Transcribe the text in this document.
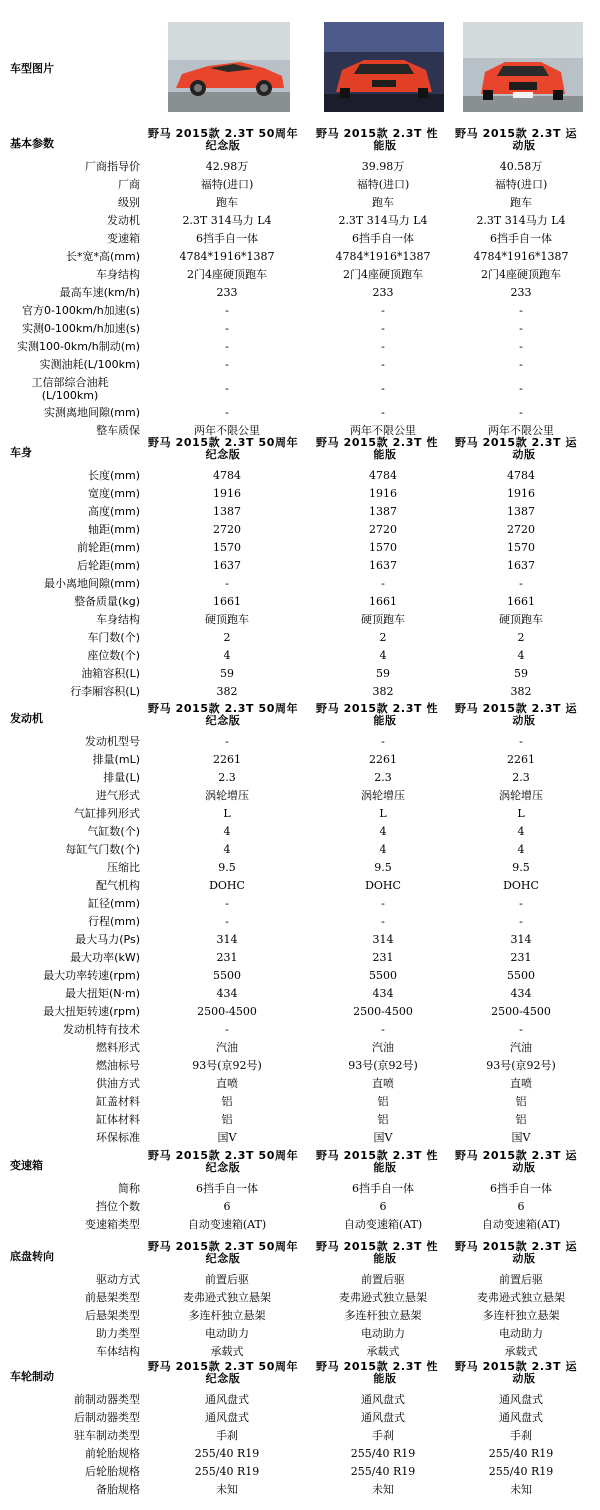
车型图片
基本参数
野马 2015款 2.3T 50周年
纪念版
野马 2015款 2.3T 性
能版
野马 2015款 2.3T 运
动版
厂商指导价	42.98万	39.98万	40.58万
厂商	福特(进口)	福特(进口)	福特(进口)
级别	跑车	跑车	跑车
发动机	2.3T 314马力 L4	2.3T 314马力 L4	2.3T 314马力 L4
变速箱	6挡手自一体	6挡手自一体	6挡手自一体
长*宽*高(mm)	4784*1916*1387	4784*1916*1387	4784*1916*1387
车身结构	2门4座硬顶跑车	2门4座硬顶跑车	2门4座硬顶跑车
最高车速(km/h)	233	233	233
官方0-100km/h加速(s)	-	-	-
实测0-100km/h加速(s)	-	-	-
实测100-0km/h制动(m)	-	-	-
实测油耗(L/100km)	-	-	-
工信部综合油耗
(L/100km)
-	-	-
实测离地间隙(mm)	-	-	-
整车质保	两年不限公里	两年不限公里	两年不限公里
车身
野马 2015款 2.3T 50周年
纪念版
野马 2015款 2.3T 性
能版
野马 2015款 2.3T 运
动版
长度(mm)	4784	4784	4784
宽度(mm)	1916	1916	1916
高度(mm)	1387	1387	1387
轴距(mm)	2720	2720	2720
前轮距(mm)	1570	1570	1570
后轮距(mm)	1637	1637	1637
最小离地间隙(mm)	-	-	-
整备质量(kg)	1661	1661	1661
车身结构	硬顶跑车	硬顶跑车	硬顶跑车
车门数(个)	2	2	2
座位数(个)	4	4	4
油箱容积(L)	59	59	59
行李厢容积(L)	382	382	382
发动机
野马 2015款 2.3T 50周年
纪念版
野马 2015款 2.3T 性
能版
野马 2015款 2.3T 运
动版
发动机型号	-	-	-
排量(mL)	2261	2261	2261
排量(L)	2.3	2.3	2.3
进气形式	涡轮增压	涡轮增压	涡轮增压
气缸排列形式	L	L	L
气缸数(个)	4	4	4
每缸气门数(个)	4	4	4
压缩比	9.5	9.5	9.5
配气机构	DOHC	DOHC	DOHC
缸径(mm)	-	-	-
行程(mm)	-	-	-
最大马力(Ps)	314	314	314
最大功率(kW)	231	231	231
最大功率转速(rpm)	5500	5500	5500
最大扭矩(N·m)	434	434	434
最大扭矩转速(rpm)	2500-4500	2500-4500	2500-4500
发动机特有技术	-	-	-
燃料形式	汽油	汽油	汽油
燃油标号	93号(京92号)	93号(京92号)	93号(京92号)
供油方式	直喷	直喷	直喷
缸盖材料	铝	铝	铝
缸体材料	铝	铝	铝
环保标准	国V	国V	国V
变速箱
野马 2015款 2.3T 50周年
纪念版
野马 2015款 2.3T 性
能版
野马 2015款 2.3T 运
动版
简称	6挡手自一体	6挡手自一体	6挡手自一体
挡位个数	6	6	6
变速箱类型	自动变速箱(AT)	自动变速箱(AT)	自动变速箱(AT)
底盘转向
野马 2015款 2.3T 50周年
纪念版
野马 2015款 2.3T 性
能版
野马 2015款 2.3T 运
动版
驱动方式	前置后驱	前置后驱	前置后驱
前悬架类型	麦弗逊式独立悬架	麦弗逊式独立悬架	麦弗逊式独立悬架
后悬架类型	多连杆独立悬架	多连杆独立悬架	多连杆独立悬架
助力类型	电动助力	电动助力	电动助力
车体结构	承载式	承载式	承载式
车轮制动
野马 2015款 2.3T 50周年
纪念版
野马 2015款 2.3T 性
能版
野马 2015款 2.3T 运
动版
前制动器类型	通风盘式	通风盘式	通风盘式
后制动器类型	通风盘式	通风盘式	通风盘式
驻车制动类型	手刹	手刹	手刹
前轮胎规格	255/40 R19	255/40 R19	255/40 R19
后轮胎规格	255/40 R19	255/40 R19	255/40 R19
备胎规格	未知	未知	未知
